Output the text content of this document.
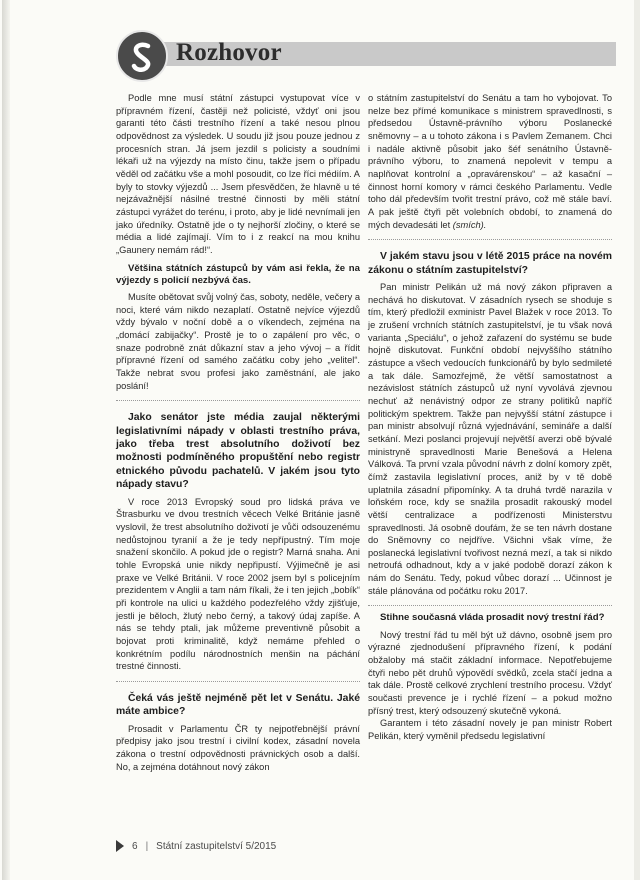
Rozhovor

Podle mne musí státní zástupci vystupovat více v přípravném řízení, častěji než policisté, vždyť oni jsou garanti této části trestního řízení a také nesou plnou odpovědnost za výsledek. U soudu již jsou pouze jednou z procesních stran. Já jsem jezdil s policisty a soudními lékaři už na výjezdy na místo činu, takže jsem o případu věděl od začátku vše a mohl posoudit, co lze říci médiím. A byly to stovky výjezdů ... Jsem přesvědčen, že hlavně u té nejzávažnější násilné trestné činnosti by měli státní zástupci vyrážet do terénu, i proto, aby je lidé nevnímali jen jako úředníky. Ostatně jde o ty nejhorší zločiny, o které se média a lidé zajímají. Vím to i z reakcí na mou knihu „Gaunery nemám rád!“.

Většina státních zástupců by vám asi řekla, že na výjezdy s policií nezbývá čas.

Musíte obětovat svůj volný čas, soboty, neděle, večery a noci, které vám nikdo nezaplatí. Ostatně nejvíce výjezdů vždy bývalo v noční době a o víkendech, zejména na „domácí zabijačky“. Prostě je to o zapálení pro věc, o snaze podrobně znát důkazní stav a jeho vývoj – a řídit přípravné řízení od samého začátku coby jeho „velitel“. Takže nebrat svou profesi jako zaměstnání, ale jako poslání!

Jako senátor jste média zaujal některými legislativními nápady v oblasti trestního práva, jako třeba trest absolutního doživotí bez možnosti podmíněného propuštění nebo registr etnického původu pachatelů. V jakém jsou tyto nápady stavu?

V roce 2013 Evropský soud pro lidská práva ve Štrasburku ve dvou trestních věcech Velké Británie jasně vyslovil, že trest absolutního doživotí je vůči odsouzenému nedůstojnou tyranií a že je tedy nepřípustný. Tím moje snažení skončilo. A pokud jde o registr? Marná snaha. Ani tohle Evropská unie nikdy nepřipustí. Výjimečně je asi praxe ve Velké Británii. V roce 2002 jsem byl s policejním prezidentem v Anglii a tam nám říkali, že i ten jejich „bobík“ při kontrole na ulici u každého podezřelého vždy zjišťuje, jestli je běloch, žlutý nebo černý, a takový údaj zapíše. A nás se tehdy ptali, jak můžeme preventivně působit a bojovat proti kriminalitě, když nemáme přehled o konkrétním podílu národnostních menšin na páchání trestné činnosti.

Čeká vás ještě nejméně pět let v Senátu. Jaké máte ambice?

Prosadit v Parlamentu ČR ty nejpotřebnější právní předpisy jako jsou trestní i civilní kodex, zásadní novela zákona o trestní odpovědnosti právnických osob a další. No, a zejména dotáhnout nový zákon

o státním zastupitelství do Senátu a tam ho vybojovat. To nelze bez přímé komunikace s ministrem spravedlnosti, s předsedou Ústavně-právního výboru Poslanecké sněmovny – a u tohoto zákona i s Pavlem Zemanem. Chci i nadále aktivně působit jako šéf senátního Ústavně-právního výboru, to znamená nepolevit v tempu a naplňovat kontrolní a „opravárenskou“ – až kasační – činnost horní komory v rámci českého Parlamentu. Vedle toho dál především tvořit trestní právo, což mě stále baví. A pak ještě čtyři pět volebních období, to znamená do mých devadesáti let (smích).

V jakém stavu jsou v létě 2015 práce na novém zákonu o státním zastupitelství?

Pan ministr Pelikán už má nový zákon připraven a nechává ho diskutovat. V zásadních rysech se shoduje s tím, který předložil exministr Pavel Blažek v roce 2013. To je zrušení vrchních státních zastupitelství, je tu však nová varianta „Speciálu“, o jehož zařazení do systému se bude hojně diskutovat. Funkční období nejvyššího státního zástupce a všech vedoucích funkcionářů by bylo sedmileté a tak dále. Samozřejmě, že větší samostatnost a nezávislost státních zástupců už nyní vyvolává zjevnou nechuť až nenávistný odpor ze strany politiků napříč politickým spektrem. Takže pan nejvyšší státní zástupce i pan ministr absolvují různá vyjednávání, semináře a další setkání. Mezi poslanci projevují největší averzi obě bývalé ministryně spravedlnosti Marie Benešová a Helena Válková. Ta první vzala původní návrh z dolní komory zpět, čímž zastavila legislativní proces, aniž by v tě době uplatnila zásadní připomínky. A ta druhá tvrdě narazila v loňském roce, kdy se snažila prosadit rakouský model větší centralizace a podřízenosti Ministerstvu spravedlnosti. Já osobně doufám, že se ten návrh dostane do Sněmovny co nejdříve. Všichni však víme, že poslanecká legislativní tvořivost nezná mezí, a tak si nikdo netroufá odhadnout, kdy a v jaké podobě dorazí zákon k nám do Senátu. Tedy, pokud vůbec dorazí ... Učinnost je stále plánována od počátku roku 2017.

Stihne současná vláda prosadit nový trestní řád?

Nový trestní řád tu měl být už dávno, osobně jsem pro výrazné zjednodušení přípravného řízení, k podání obžaloby má stačit základní informace. Nepotřebujeme čtyři nebo pět druhů výpovědí svědků, zcela stačí jedna a tak dále. Prostě celkové zrychlení trestního procesu. Vždyť současti prevence je i rychlé řízení – a pokud možno přísný trest, který odsouzený skutečně vykoná.

Garantem i této zásadní novely je pan ministr Robert Pelikán, který vyměnil předsedu legislativní

6 | Státní zastupitelství 5/2015
